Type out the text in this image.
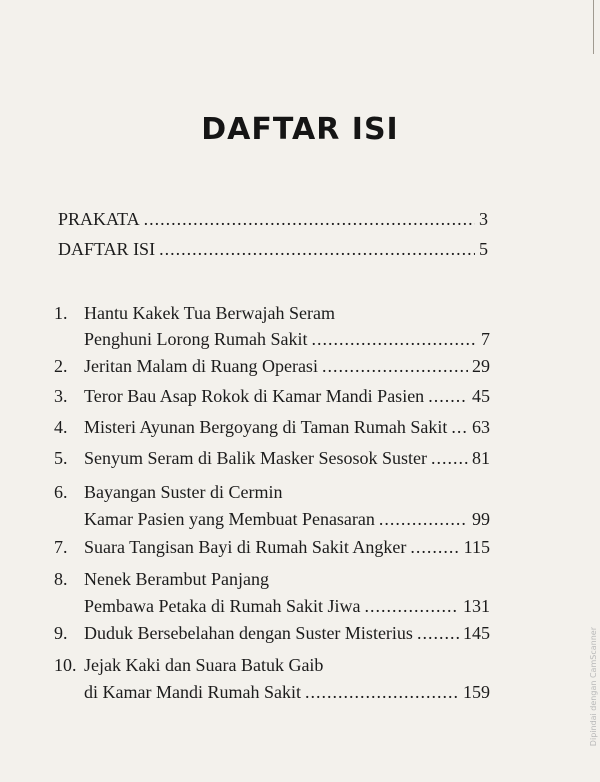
DAFTAR ISI
PRAKATA .....	3
DAFTAR ISI .....	5
1. Hantu Kakek Tua Berwajah Seram
Penghuni Lorong Rumah Sakit .....	7
2. Jeritan Malam di Ruang Operasi .....	29
3. Teror Bau Asap Rokok di Kamar Mandi Pasien .....	45
4. Misteri Ayunan Bergoyang di Taman Rumah Sakit ..... 63
5. Senyum Seram di Balik Masker Sesosok Suster .....	81
6. Bayangan Suster di Cermin
Kamar Pasien yang Membuat Penasaran .....	99
7. Suara Tangisan Bayi di Rumah Sakit Angker .....	115
8. Nenek Berambut Panjang
Pembawa Petaka di Rumah Sakit Jiwa .....	131
9. Duduk Bersebelahan dengan Suster Misterius .....	145
10. Jejak Kaki dan Suara Batuk Gaib
di Kamar Mandi Rumah Sakit .....	159	Dipindai dengan CamScanner
